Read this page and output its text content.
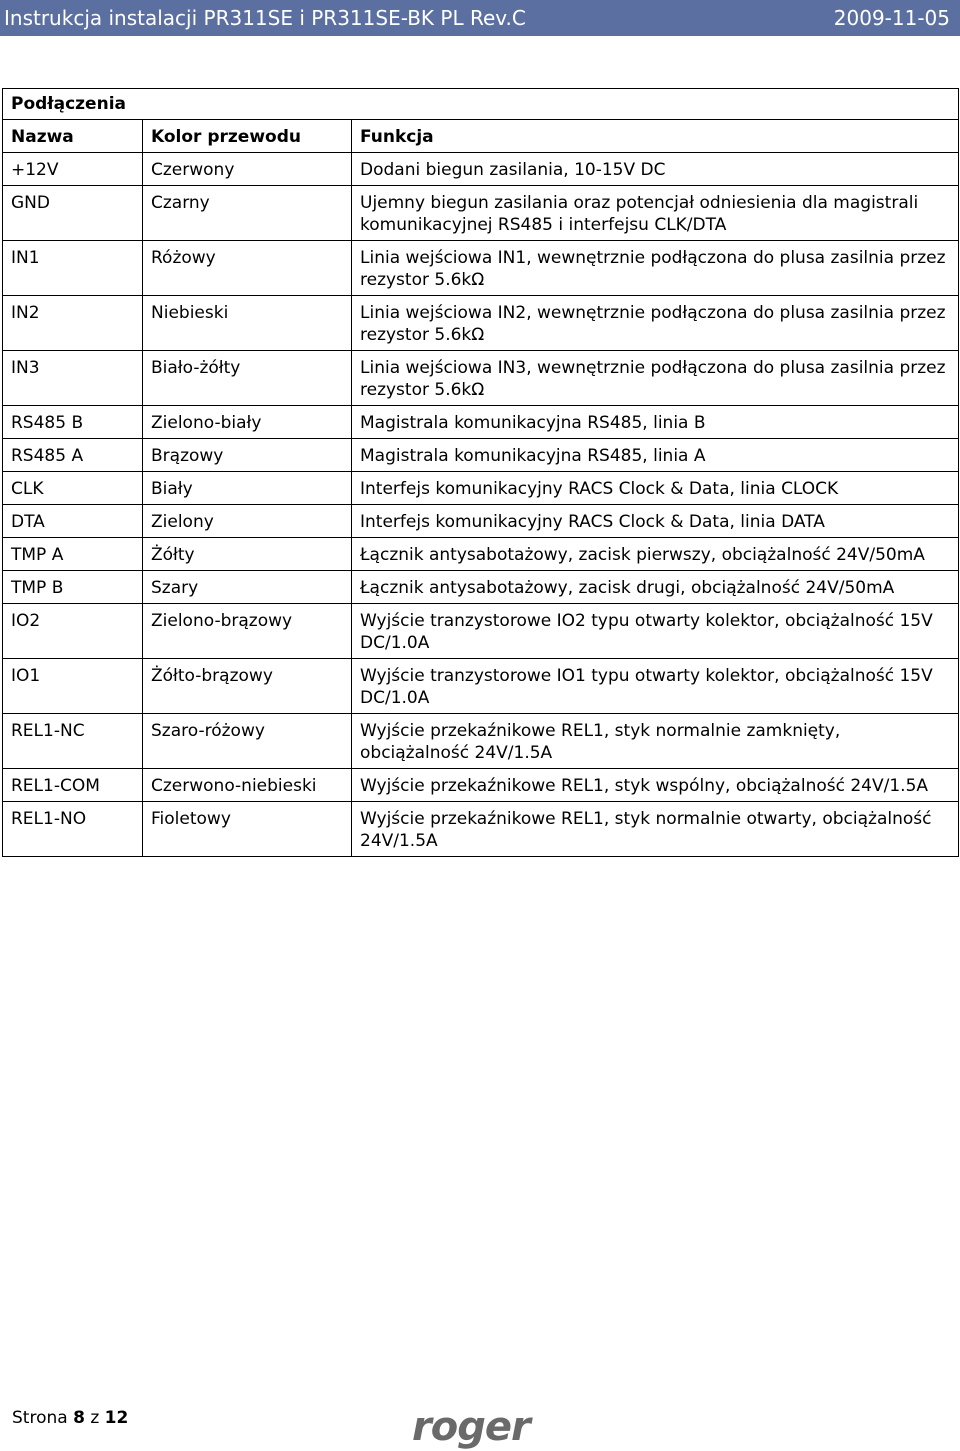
Instrukcja instalacji PR311SE i PR311SE-BK PL Rev.C	2009-11-05
Podłączenia		
Nazwa	Kolor przewodu	Funkcja
+12V	Czerwony	Dodani biegun zasilania, 10-15V DC
GND	Czarny	Ujemny biegun zasilania oraz potencjał odniesienia dla magistrali komunikacyjnej RS485 i interfejsu CLK/DTA
IN1	Różowy	Linia wejściowa IN1, wewnętrznie podłączona do plusa zasilnia przez rezystor 5.6kΩ
IN2	Niebieski	Linia wejściowa IN2, wewnętrznie podłączona do plusa zasilnia przez rezystor 5.6kΩ
IN3	Biało-żółty	Linia wejściowa IN3, wewnętrznie podłączona do plusa zasilnia przez rezystor 5.6kΩ
RS485 B	Zielono-biały	Magistrala komunikacyjna RS485, linia B
RS485 A	Brązowy	Magistrala komunikacyjna RS485, linia A
CLK	Biały	Interfejs komunikacyjny RACS Clock & Data, linia CLOCK
DTA	Zielony	Interfejs komunikacyjny RACS Clock & Data, linia DATA
TMP A	Żółty	Łącznik antysabotażowy, zacisk pierwszy, obciążalność 24V/50mA
TMP B	Szary	Łącznik antysabotażowy, zacisk drugi, obciążalność 24V/50mA
IO2	Zielono-brązowy	Wyjście tranzystorowe IO2 typu otwarty kolektor, obciążalność 15V DC/1.0A
IO1	Żółto-brązowy	Wyjście tranzystorowe IO1 typu otwarty kolektor, obciążalność 15V DC/1.0A
REL1-NC	Szaro-różowy	Wyjście przekaźnikowe REL1, styk normalnie zamknięty, obciążalność 24V/1.5A
REL1-COM	Czerwono-niebieski	Wyjście przekaźnikowe REL1, styk wspólny, obciążalność 24V/1.5A
REL1-NO	Fioletowy	Wyjście przekaźnikowe REL1, styk normalnie otwarty, obciążalność 24V/1.5A
Strona 8 z 12	roger
